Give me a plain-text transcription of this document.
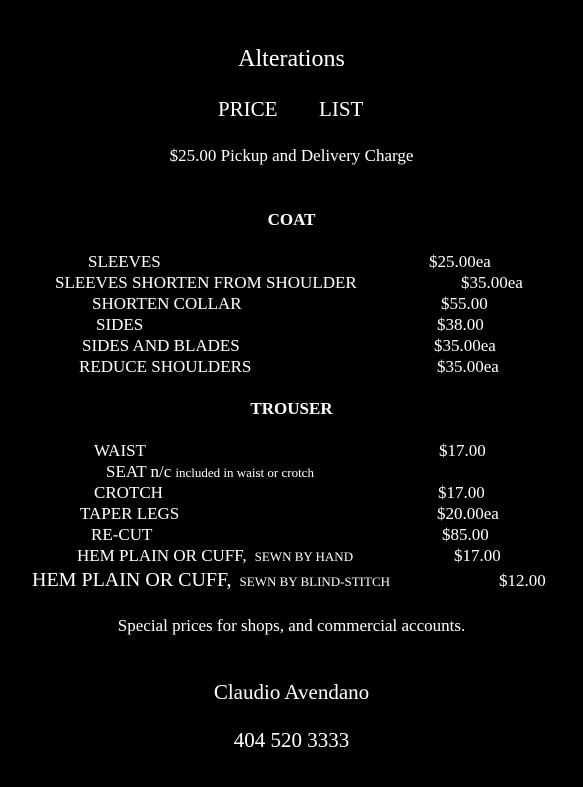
Alterations
PRICE LIST
$25.00 Pickup and Delivery Charge
COAT
SLEEVES	$25.00ea
SLEEVES SHORTEN FROM SHOULDER	$35.00ea
SHORTEN COLLAR	$55.00
SIDES	$38.00
SIDES AND BLADES	$35.00ea
REDUCE SHOULDERS	$35.00ea
TROUSER
WAIST	$17.00
SEAT n/c included in waist or crotch
CROTCH	$17.00
TAPER LEGS	$20.00ea
RE-CUT	$85.00
HEM PLAIN OR CUFF, SEWN BY HAND	$17.00
HEM PLAIN OR CUFF, SEWN BY BLIND-STITCH	$12.00
Special prices for shops, and commercial accounts.
Claudio Avendano
404 520 3333
